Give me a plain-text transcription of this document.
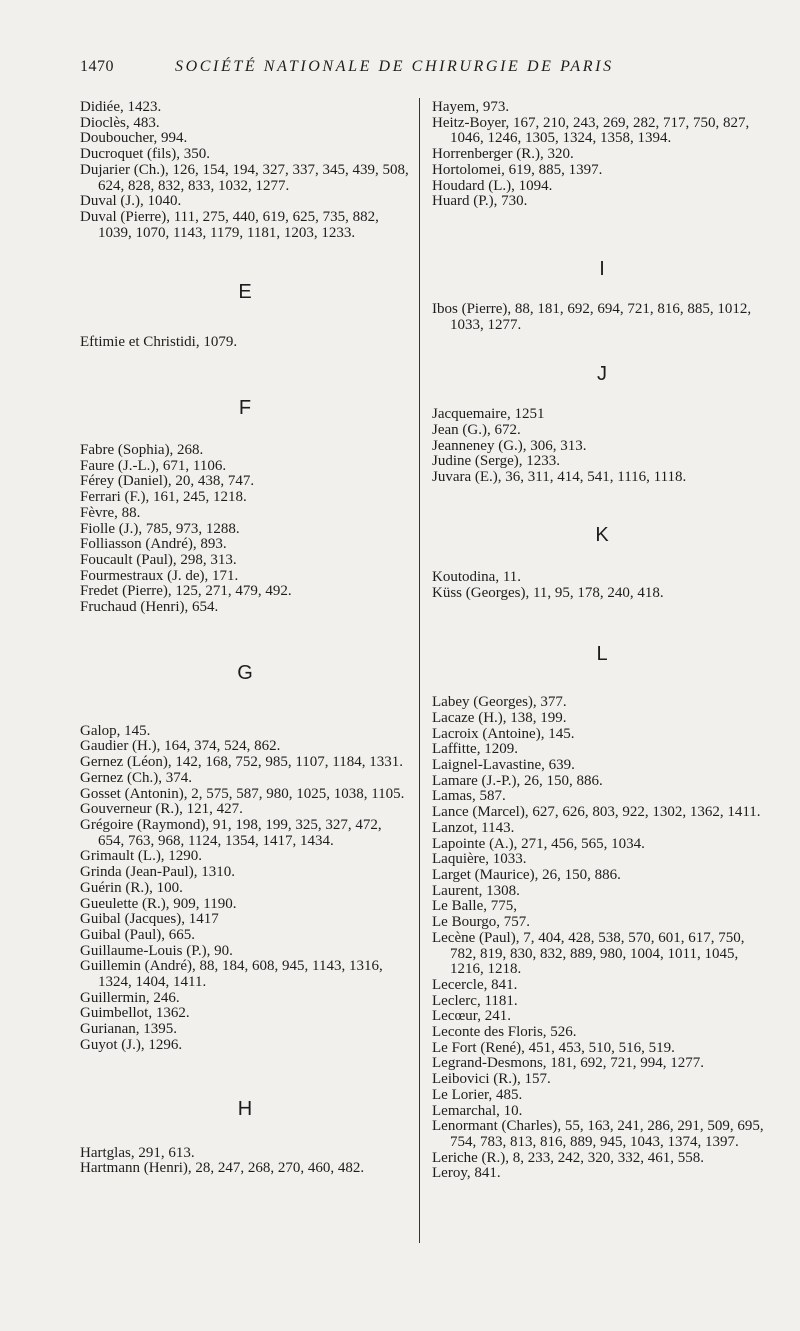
1470	SOCIÉTÉ NATIONALE DE CHIRURGIE DE PARIS
Didiée, 1423.
Dioclès, 483.
Douboucher, 994.
Ducroquet (fils), 350.
Dujarier (Ch.), 126, 154, 194, 327, 337, 345, 439, 508, 624, 828, 832, 833, 1032, 1277.
Duval (J.), 1040.
Duval (Pierre), 111, 275, 440, 619, 625, 735, 882, 1039, 1070, 1143, 1179, 1181, 1203, 1233.
E
Eftimie et Christidi, 1079.
F
Fabre (Sophia), 268.
Faure (J.-L.), 671, 1106.
Férey (Daniel), 20, 438, 747.
Ferrari (F.), 161, 245, 1218.
Fèvre, 88.
Fiolle (J.), 785, 973, 1288.
Folliasson (André), 893.
Foucault (Paul), 298, 313.
Fourmestraux (J. de), 171.
Fredet (Pierre), 125, 271, 479, 492.
Fruchaud (Henri), 654.
G
Galop, 145.
Gaudier (H.), 164, 374, 524, 862.
Gernez (Léon), 142, 168, 752, 985, 1107, 1184, 1331.
Gernez (Ch.), 374.
Gosset (Antonin), 2, 575, 587, 980, 1025, 1038, 1105.
Gouverneur (R.), 121, 427.
Grégoire (Raymond), 91, 198, 199, 325, 327, 472, 654, 763, 968, 1124, 1354, 1417, 1434.
Grimault (L.), 1290.
Grinda (Jean-Paul), 1310.
Guérin (R.), 100.
Gueulette (R.), 909, 1190.
Guibal (Jacques), 1417
Guibal (Paul), 665.
Guillaume-Louis (P.), 90.
Guillemin (André), 88, 184, 608, 945, 1143, 1316, 1324, 1404, 1411.
Guillermin, 246.
Guimbellot, 1362.
Gurianan, 1395.
Guyot (J.), 1296.
H
Hartglas, 291, 613.
Hartmann (Henri), 28, 247, 268, 270, 460, 482.
Hayem, 973.
Heitz-Boyer, 167, 210, 243, 269, 282, 717, 750, 827, 1046, 1246, 1305, 1324, 1358, 1394.
Horrenberger (R.), 320.
Hortolomei, 619, 885, 1397.
Houdard (L.), 1094.
Huard (P.), 730.
I
Ibos (Pierre), 88, 181, 692, 694, 721, 816, 885, 1012, 1033, 1277.
J
Jacquemaire, 1251
Jean (G.), 672.
Jeanneney (G.), 306, 313.
Judine (Serge), 1233.
Juvara (E.), 36, 311, 414, 541, 1116, 1118.
K
Koutodina, 11.
Küss (Georges), 11, 95, 178, 240, 418.
L
Labey (Georges), 377.
Lacaze (H.), 138, 199.
Lacroix (Antoine), 145.
Laffitte, 1209.
Laignel-Lavastine, 639.
Lamare (J.-P.), 26, 150, 886.
Lamas, 587.
Lance (Marcel), 627, 626, 803, 922, 1302, 1362, 1411.
Lanzot, 1143.
Lapointe (A.), 271, 456, 565, 1034.
Laquière, 1033.
Larget (Maurice), 26, 150, 886.
Laurent, 1308.
Le Balle, 775,
Le Bourgo, 757.
Lecène (Paul), 7, 404, 428, 538, 570, 601, 617, 750, 782, 819, 830, 832, 889, 980, 1004, 1011, 1045, 1216, 1218.
Lecercle, 841.
Leclerc, 1181.
Lecœur, 241.
Leconte des Floris, 526.
Le Fort (René), 451, 453, 510, 516, 519.
Legrand-Desmons, 181, 692, 721, 994, 1277.
Leibovici (R.), 157.
Le Lorier, 485.
Lemarchal, 10.
Lenormant (Charles), 55, 163, 241, 286, 291, 509, 695, 754, 783, 813, 816, 889, 945, 1043, 1374, 1397.
Leriche (R.), 8, 233, 242, 320, 332, 461, 558.
Leroy, 841.
